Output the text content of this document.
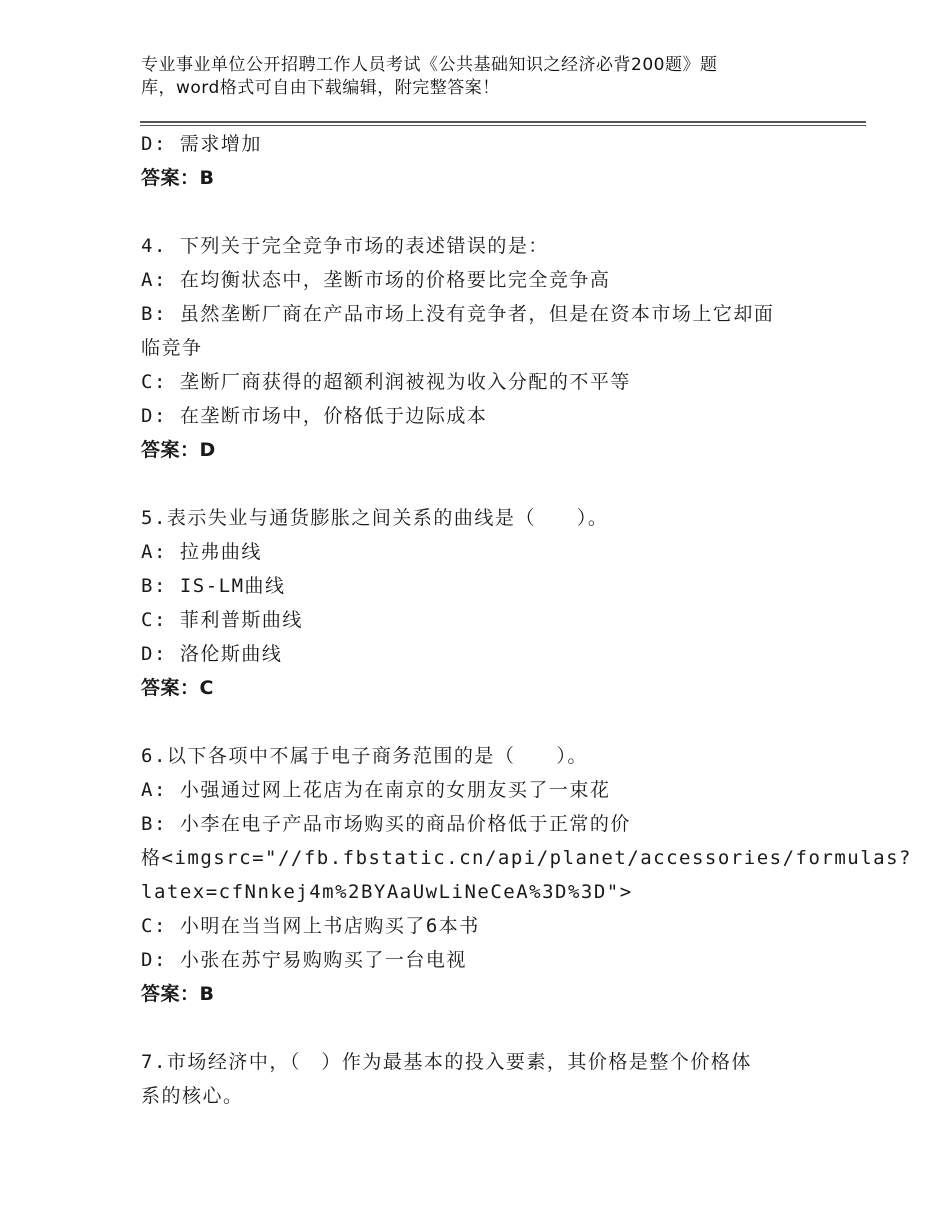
专业事业单位公开招聘工作人员考试《公共基础知识之经济必背200题》题
库，word格式可自由下载编辑，附完整答案！
D: 需求增加
答案：B
4. 下列关于完全竞争市场的表述错误的是：
A: 在均衡状态中，垄断市场的价格要比完全竞争高
B: 虽然垄断厂商在产品市场上没有竞争者，但是在资本市场上它却面
临竞争
C: 垄断厂商获得的超额利润被视为收入分配的不平等
D: 在垄断市场中，价格低于边际成本
答案：D
5.表示失业与通货膨胀之间关系的曲线是（　　）。
A: 拉弗曲线
B: IS-LM曲线
C: 菲利普斯曲线
D: 洛伦斯曲线
答案：C
6.以下各项中不属于电子商务范围的是（　　）。
A: 小强通过网上花店为在南京的女朋友买了一束花
B: 小李在电子产品市场购买的商品价格低于正常的价
格<imgsrc="//fb.fbstatic.cn/api/planet/accessories/formulas?
latex=cfNnkej4m%2BYAaUwLiNeCeA%3D%3D">
C: 小明在当当网上书店购买了6本书
D: 小张在苏宁易购购买了一台电视
答案：B
7.市场经济中，（　）作为最基本的投入要素，其价格是整个价格体
系的核心。
